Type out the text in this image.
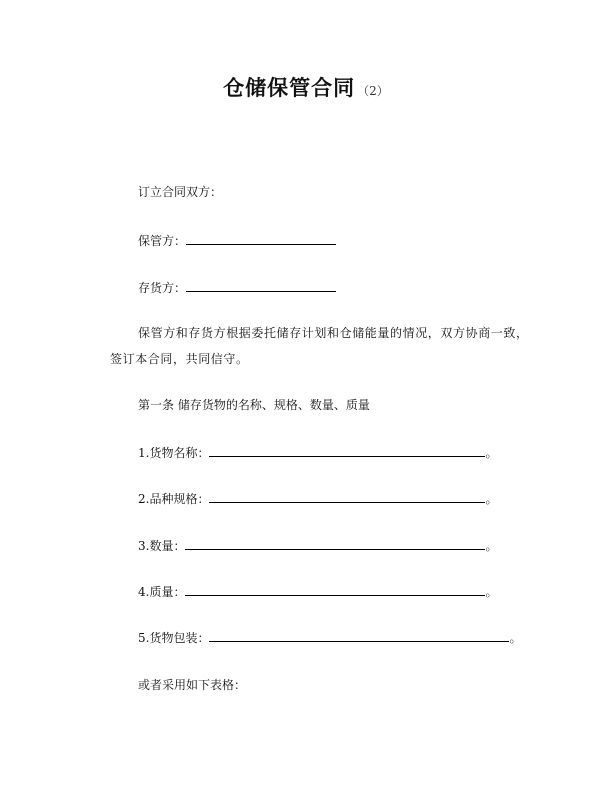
仓储保管合同 （2）
订立合同双方：
保管方：
存货方：
保管方和存货方根据委托储存计划和仓储能量的情况，双方协商一致，签订本合同，共同信守。
第一条 储存货物的名称、规格、数量、质量
1.货物名称：	。
2.品种规格：	。
3.数量：	。
4.质量：	。
5.货物包装：	。
或者采用如下表格：
